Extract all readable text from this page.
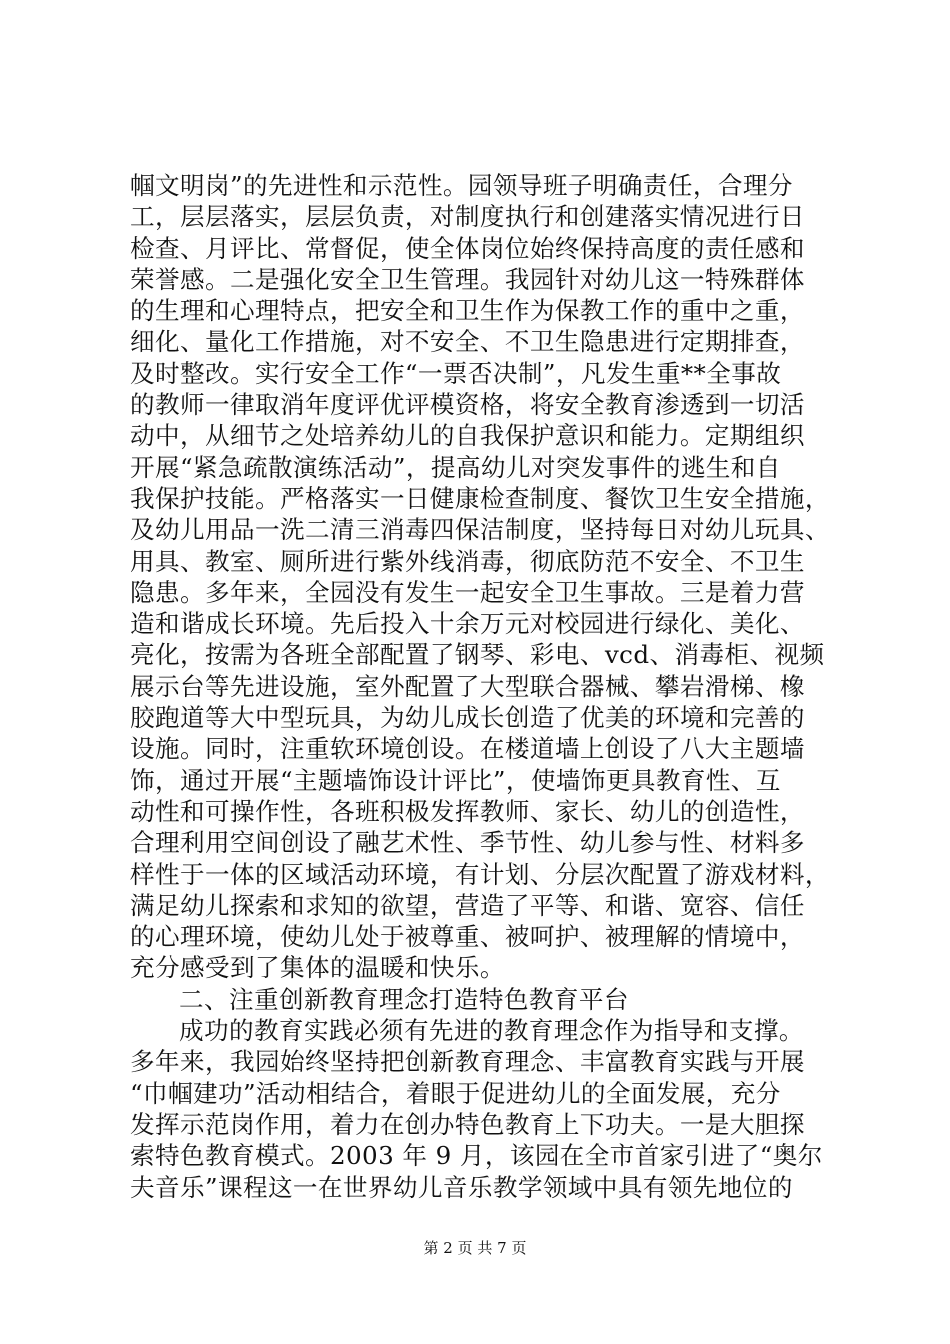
帼文明岗”的先进性和示范性。园领导班子明确责任，合理分
工，层层落实，层层负责，对制度执行和创建落实情况进行日
检查、月评比、常督促，使全体岗位始终保持高度的责任感和
荣誉感。二是强化安全卫生管理。我园针对幼儿这一特殊群体
的生理和心理特点，把安全和卫生作为保教工作的重中之重，
细化、量化工作措施，对不安全、不卫生隐患进行定期排查，
及时整改。实行安全工作“一票否决制”，凡发生重**全事故
的教师一律取消年度评优评模资格，将安全教育渗透到一切活
动中，从细节之处培养幼儿的自我保护意识和能力。定期组织
开展“紧急疏散演练活动”，提高幼儿对突发事件的逃生和自
我保护技能。严格落实一日健康检查制度、餐饮卫生安全措施，
及幼儿用品一洗二清三消毒四保洁制度，坚持每日对幼儿玩具、
用具、教室、厕所进行紫外线消毒，彻底防范不安全、不卫生
隐患。多年来，全园没有发生一起安全卫生事故。三是着力营
造和谐成长环境。先后投入十余万元对校园进行绿化、美化、
亮化，按需为各班全部配置了钢琴、彩电、vcd、消毒柜、视频
展示台等先进设施，室外配置了大型联合器械、攀岩滑梯、橡
胶跑道等大中型玩具，为幼儿成长创造了优美的环境和完善的
设施。同时，注重软环境创设。在楼道墙上创设了八大主题墙
饰，通过开展“主题墙饰设计评比”，使墙饰更具教育性、互
动性和可操作性，各班积极发挥教师、家长、幼儿的创造性，
合理利用空间创设了融艺术性、季节性、幼儿参与性、材料多
样性于一体的区域活动环境，有计划、分层次配置了游戏材料，
满足幼儿探索和求知的欲望，营造了平等、和谐、宽容、信任
的心理环境，使幼儿处于被尊重、被呵护、被理解的情境中，
充分感受到了集体的温暖和快乐。
二、注重创新教育理念打造特色教育平台
成功的教育实践必须有先进的教育理念作为指导和支撑。
多年来，我园始终坚持把创新教育理念、丰富教育实践与开展
“巾帼建功”活动相结合，着眼于促进幼儿的全面发展，充分
发挥示范岗作用，着力在创办特色教育上下功夫。一是大胆探
索特色教育模式。2003 年 9 月，该园在全市首家引进了“奥尔
夫音乐”课程这一在世界幼儿音乐教学领域中具有领先地位的
第 2 页 共 7 页
